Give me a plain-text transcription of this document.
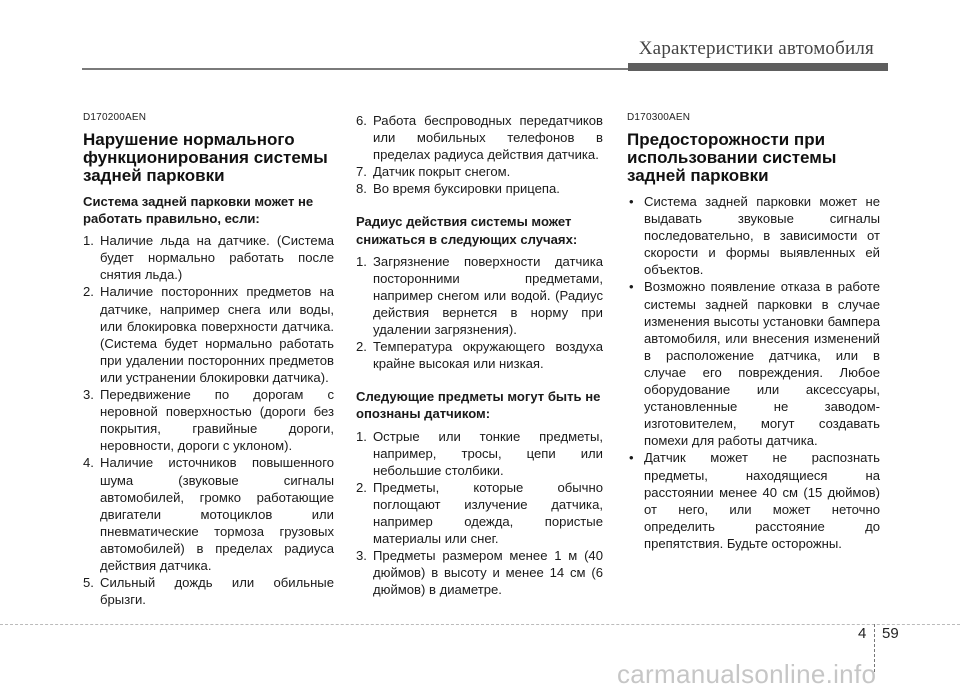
Характеристики автомобиля
D170200AEN
Нарушение нормального функционирования системы задней парковки
Система задней парковки может не работать правильно, если:
1. Наличие льда на датчике. (Система будет нормально работать после снятия льда.)
2. Наличие посторонних предметов на датчике, например снега или воды, или блокировка поверхности датчика. (Система будет нормально работать при удалении посторонних предметов или устранении блокировки датчика).
3. Передвижение по дорогам с неровной поверхностью (дороги без покрытия, гравийные дороги, неровности, дороги с уклоном).
4. Наличие источников повышенного шума (звуковые сигналы автомобилей, громко работающие двигатели мотоциклов или пневматические тормоза грузовых автомобилей) в пределах радиуса действия датчика.
5. Сильный дождь или обильные брызги.
6. Работа беспроводных передатчиков или мобильных телефонов в пределах радиуса действия датчика.
7. Датчик покрыт снегом.
8. Во время буксировки прицепа.
Радиус действия системы может снижаться в следующих случаях:
1. Загрязнение поверхности датчика посторонними предметами, например снегом или водой. (Радиус действия вернется в норму при удалении загрязнения).
2. Температура окружающего воздуха крайне высокая или низкая.
Следующие предметы могут быть не опознаны датчиком:
1. Острые или тонкие предметы, например, тросы, цепи или небольшие столбики.
2. Предметы, которые обычно поглощают излучение датчика, например одежда, пористые материалы или снег.
3. Предметы размером менее 1 м (40 дюймов) в высоту и менее 14 см (6 дюймов) в диаметре.
D170300AEN
Предосторожности при использовании системы задней парковки
• Система задней парковки может не выдавать звуковые сигналы последовательно, в зависимости от скорости и формы выявленных ей объектов.
• Возможно появление отказа в работе системы задней парковки в случае изменения высоты установки бампера автомобиля, или внесения изменений в расположение датчика, или в случае его повреждения. Любое оборудование или аксессуары, установленные не заводом-изготовителем, могут создавать помехи для работы датчика.
• Датчик может не распознать предметы, находящиеся на расстоянии менее 40 см (15 дюймов) от него, или может неточно определить расстояние до препятствия. Будьте осторожны.
4 59
carmanualsonline.info
